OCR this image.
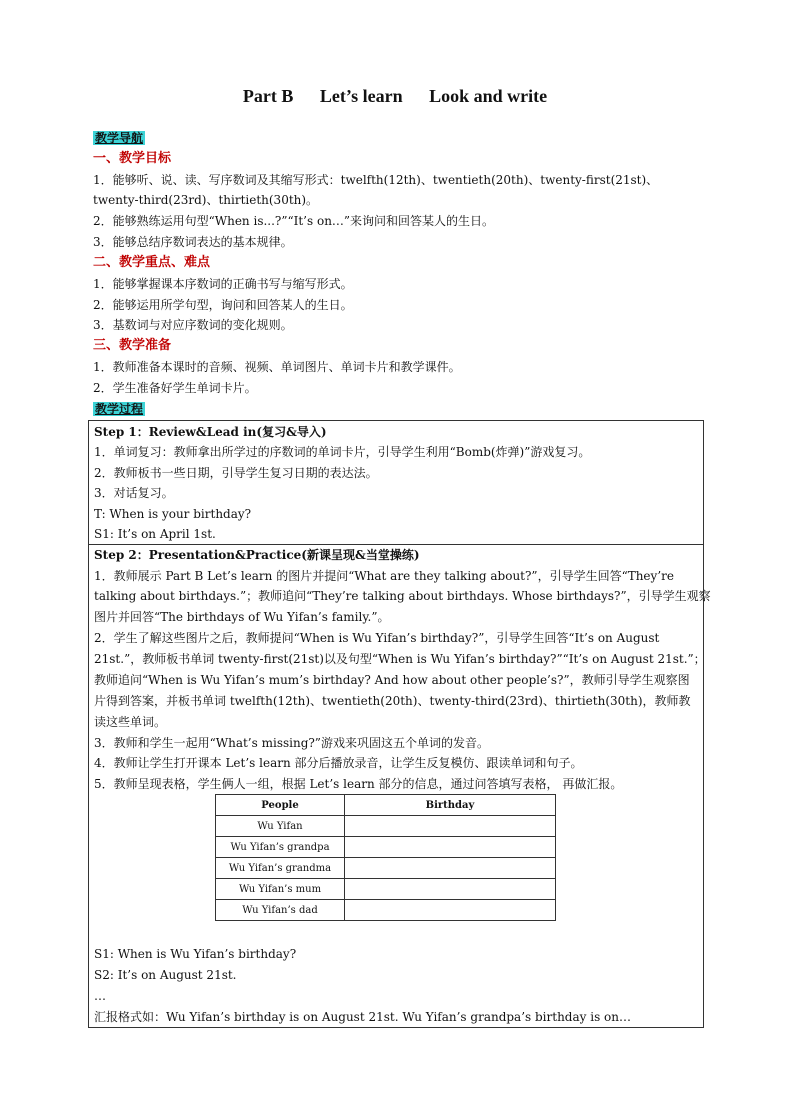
Part B Let’s learn Look and write
教学导航
一、教学目标
1．能够听、说、读、写序数词及其缩写形式：twelfth(12th)、twentieth(20th)、twenty-first(21st)、
twenty-third(23rd)、thirtieth(30th)。
2．能够熟练运用句型“When is...?”“It’s on…”来询问和回答某人的生日。
3．能够总结序数词表达的基本规律。
二、教学重点、难点
1．能够掌握课本序数词的正确书写与缩写形式。
2．能够运用所学句型，询问和回答某人的生日。
3．基数词与对应序数词的变化规则。
三、教学准备
1．教师准备本课时的音频、视频、单词图片、单词卡片和教学课件。
2．学生准备好学生单词卡片。
教学过程
Step 1：Review&Lead in(复习&导入)
1．单词复习：教师拿出所学过的序数词的单词卡片，引导学生利用“Bomb(炸弹)”游戏复习。
2．教师板书一些日期，引导学生复习日期的表达法。
3．对话复习。
T: When is your birthday?
S1: It’s on April 1st.
Step 2：Presentation&Practice(新课呈现&当堂操练)
1．教师展示 Part B Let’s learn 的图片并提问“What are they talking about?”，引导学生回答“They’re
talking about birthdays.”；教师追问“They’re talking about birthdays. Whose birthdays?”，引导学生观察
图片并回答“The birthdays of Wu Yifan’s family.”。
2．学生了解这些图片之后，教师提问“When is Wu Yifan’s birthday?”，引导学生回答“It’s on August
21st.”，教师板书单词 twenty-first(21st)以及句型“When is Wu Yifan’s birthday?”“It’s on August 21st.”；
教师追问“When is Wu Yifan’s mum’s birthday? And how about other people’s?”，教师引导学生观察图
片得到答案，并板书单词 twelfth(12th)、twentieth(20th)、twenty-third(23rd)、thirtieth(30th)，教师教
读这些单词。
3．教师和学生一起用“What’s missing?”游戏来巩固这五个单词的发音。
4．教师让学生打开课本 Let’s learn 部分后播放录音，让学生反复模仿、跟读单词和句子。
5．教师呈现表格，学生俩人一组，根据 Let’s learn 部分的信息，通过问答填写表格， 再做汇报。
People	Birthday
Wu Yifan	
Wu Yifan’s grandpa	
Wu Yifan’s grandma	
Wu Yifan’s mum	
Wu Yifan’s dad	
S1: When is Wu Yifan’s birthday?
S2: It’s on August 21st.
…
汇报格式如：Wu Yifan’s birthday is on August 21st. Wu Yifan’s grandpa’s birthday is on…
